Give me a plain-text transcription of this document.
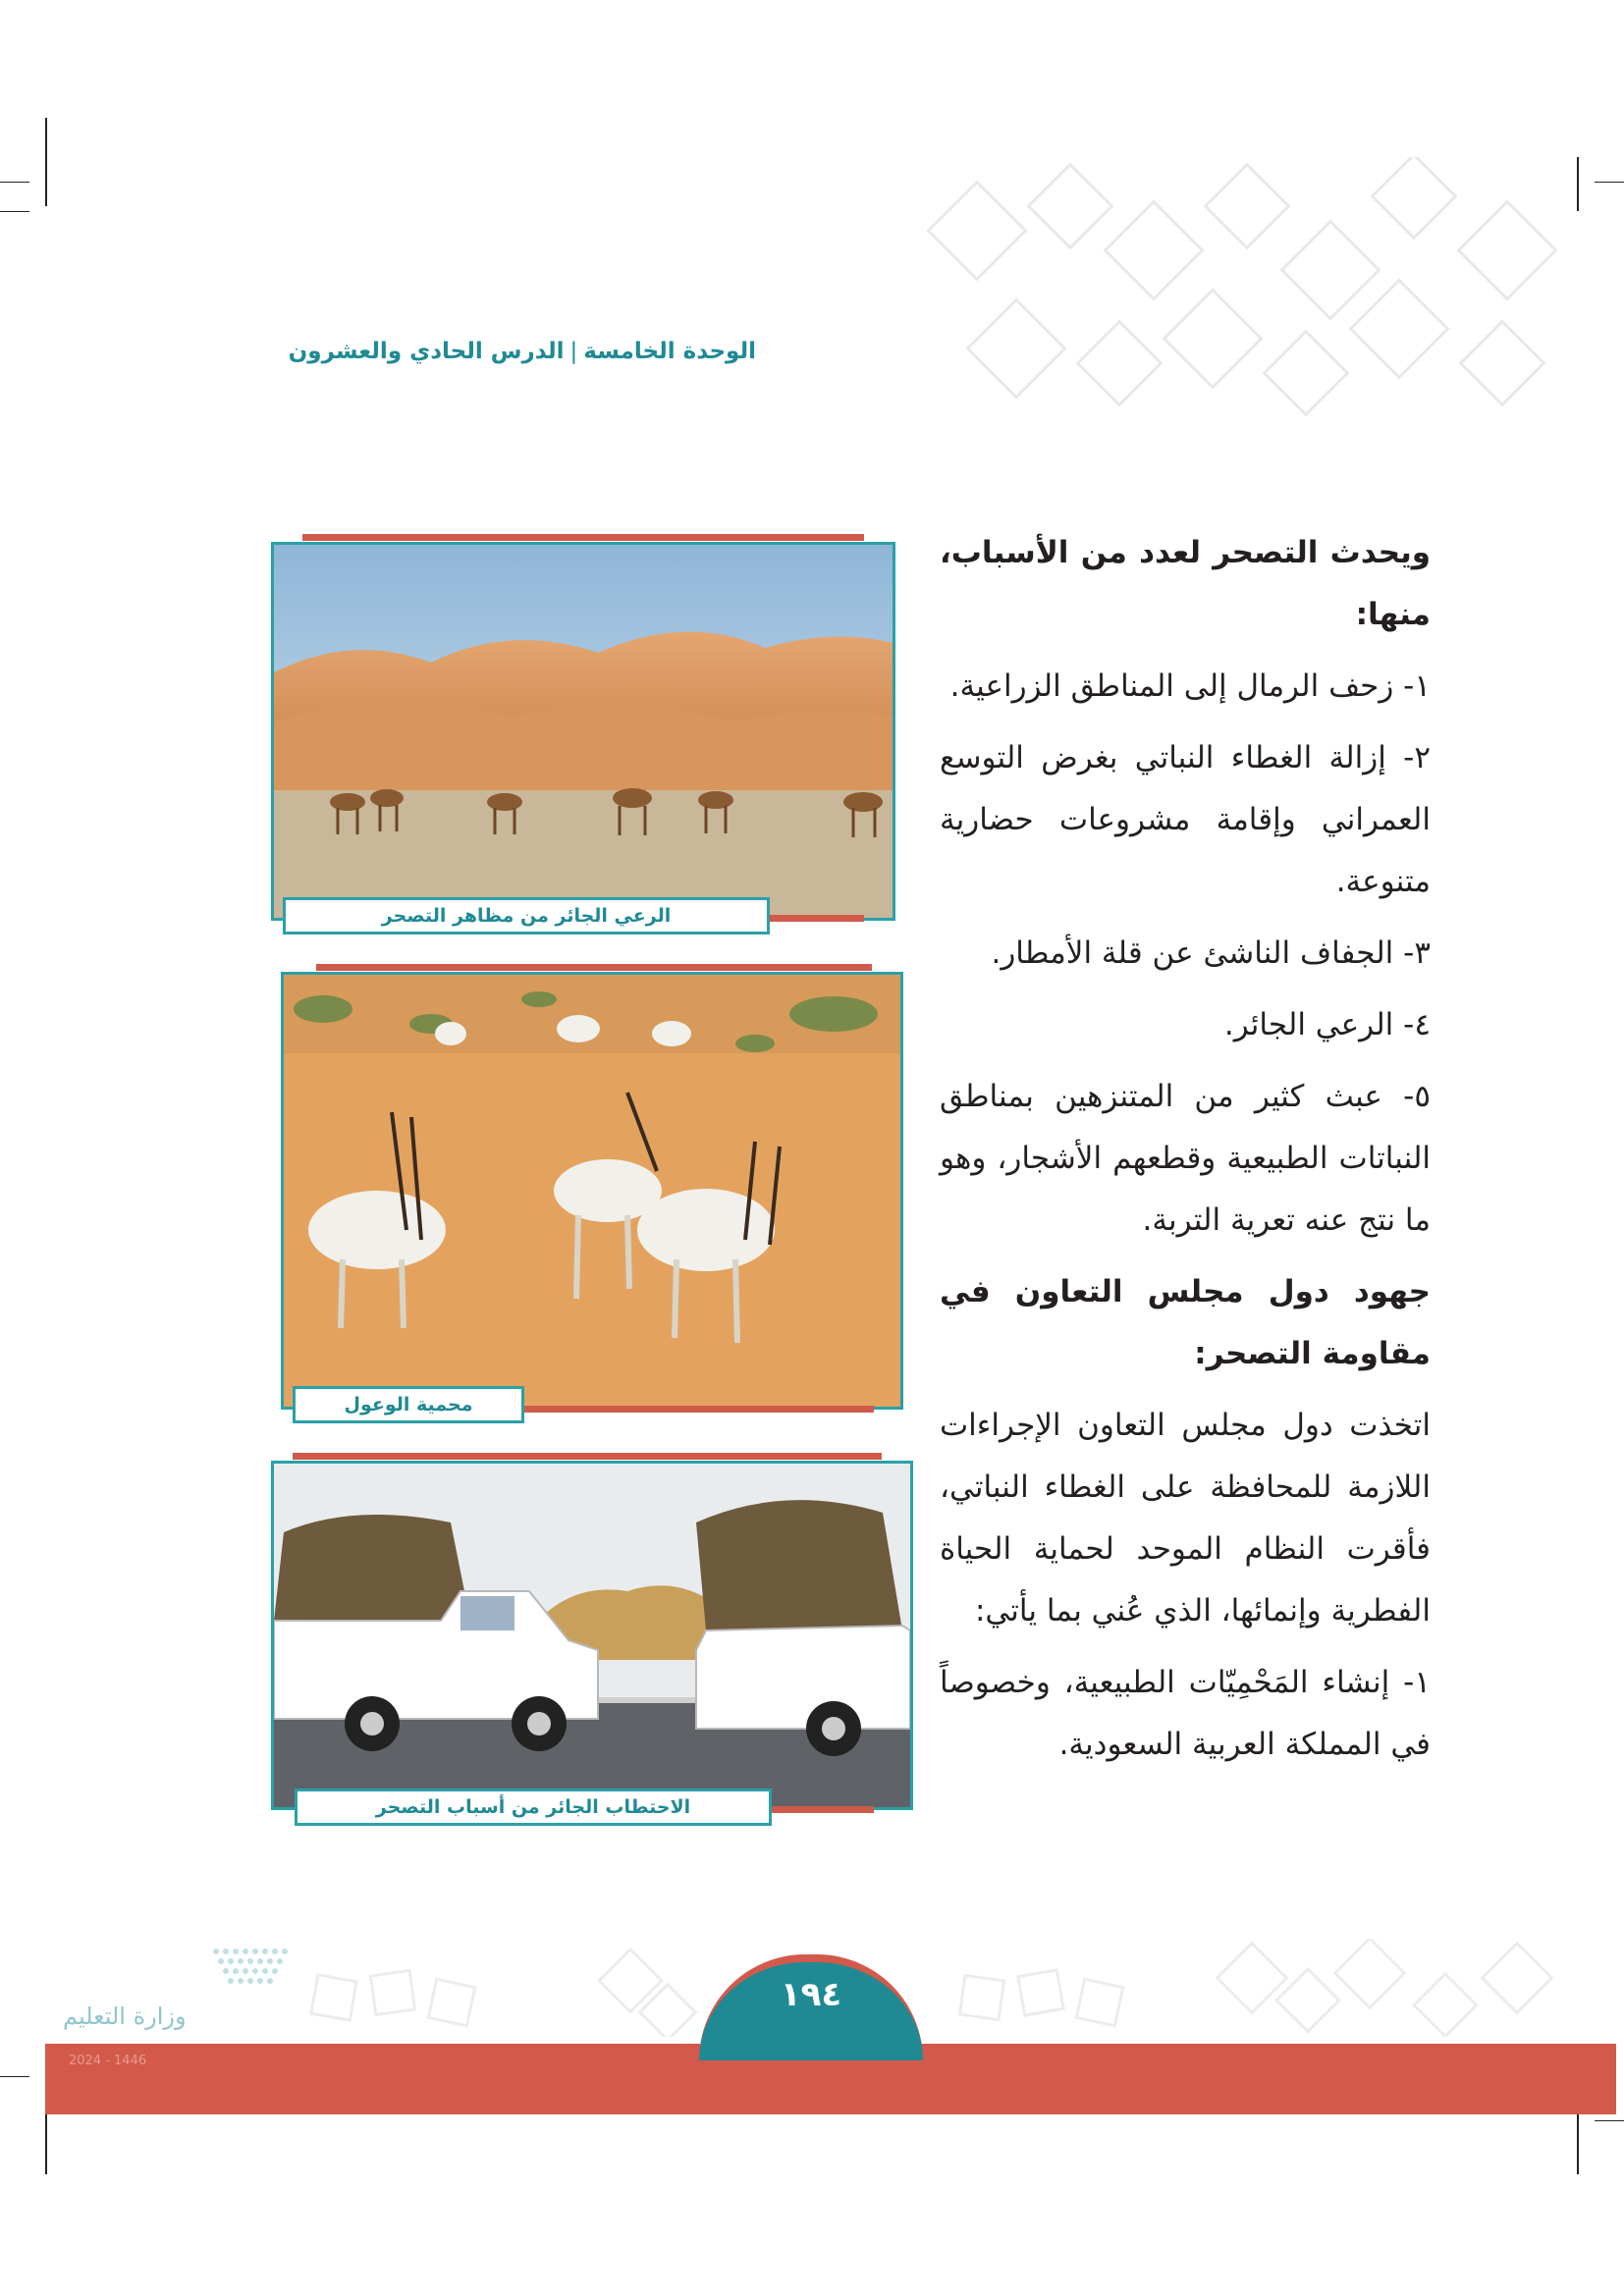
الوحدة الخامسة|الدرس الحادي والعشرون

ويحدث التصحر لعدد من الأسباب، منها:

١- زحف الرمال إلى المناطق الزراعية.

٢- إزالة الغطاء النباتي بغرض التوسع العمراني وإقامة مشروعات حضارية متنوعة.

٣- الجفاف الناشئ عن قلة الأمطار.

٤- الرعي الجائر.

٥- عبث كثير من المتنزهين بمناطق النباتات الطبيعية وقطعهم الأشجار، وهو ما نتج عنه تعرية التربة.

جهود دول مجلس التعاون في مقاومة التصحر:

اتخذت دول مجلس التعاون الإجراءات اللازمة للمحافظة على الغطاء النباتي، فأقرت النظام الموحد لحماية الحياة الفطرية وإنمائها، الذي عُني بما يأتي:

١- إنشاء المَحْمِيّات الطبيعية، وخصوصاً في المملكة العربية السعودية.

الرعي الجائر من مظاهر التصحر
محمية الوعول
الاحتطاب الجائر من أسباب التصحر
وزارة التعليم
2024 - 1446
١٩٤
